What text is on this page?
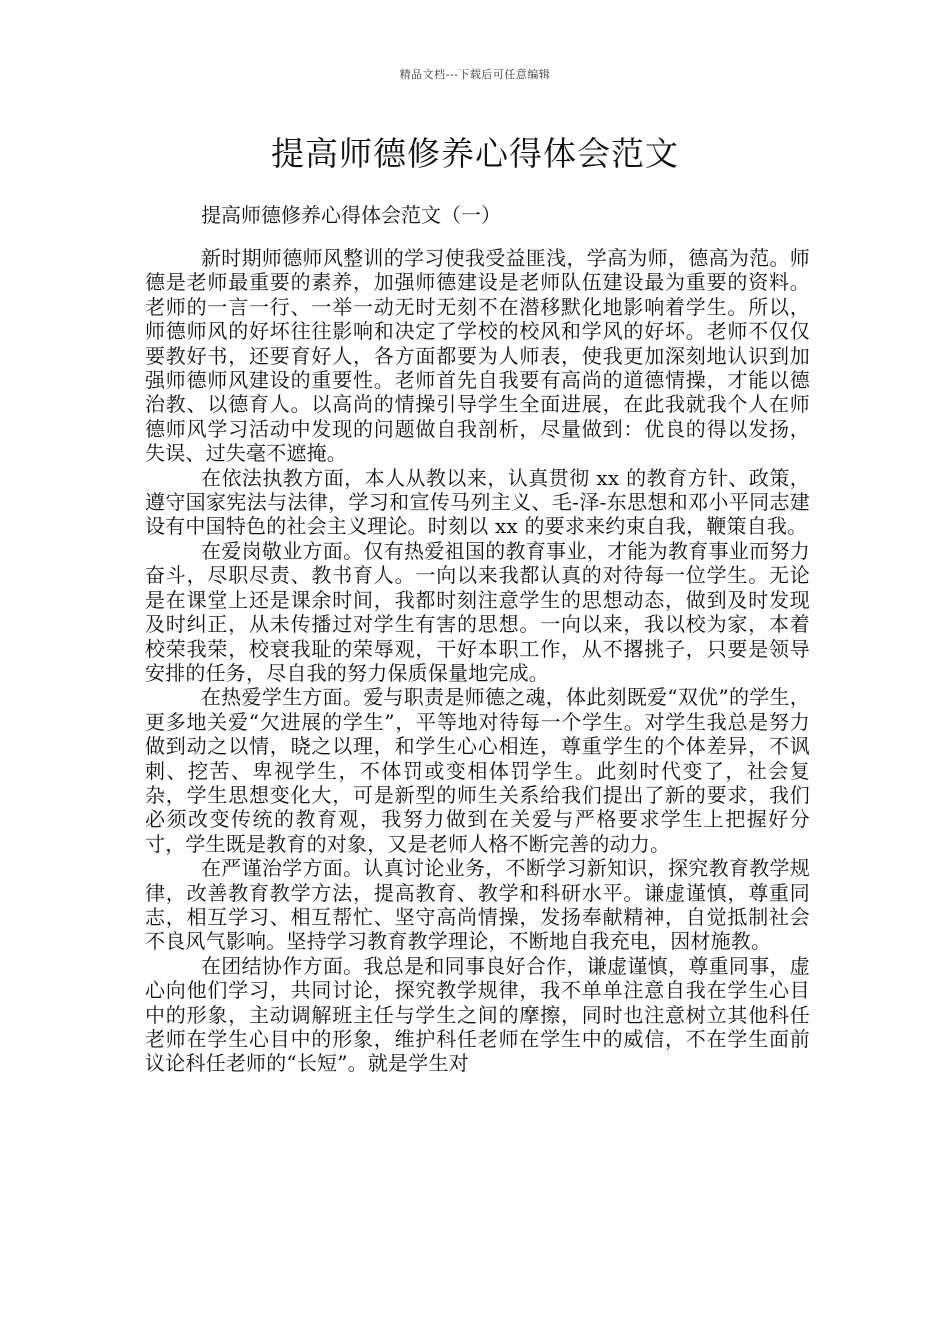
精品文档---下载后可任意编辑
提高师德修养心得体会范文
提高师德修养心得体会范文（一）

新时期师德师风整训的学习使我受益匪浅，学高为师，德高为范。师德是老师最重要的素养，加强师德建设是老师队伍建设最为重要的资料。老师的一言一行、一举一动无时无刻不在潜移默化地影响着学生。所以，师德师风的好坏往往影响和决定了学校的校风和学风的好坏。老师不仅仅要教好书，还要育好人，各方面都要为人师表，使我更加深刻地认识到加强师德师风建设的重要性。老师首先自我要有高尚的道德情操，才能以德治教、以德育人。以高尚的情操引导学生全面进展，在此我就我个人在师德师风学习活动中发现的问题做自我剖析，尽量做到：优良的得以发扬，失误、过失毫不遮掩。

在依法执教方面，本人从教以来，认真贯彻 xx 的教育方针、政策，遵守国家宪法与法律，学习和宣传马列主义、毛-泽-东思想和邓小平同志建设有中国特色的社会主义理论。时刻以 xx 的要求来约束自我，鞭策自我。

在爱岗敬业方面。仅有热爱祖国的教育事业，才能为教育事业而努力奋斗，尽职尽责、教书育人。一向以来我都认真的对待每一位学生。无论是在课堂上还是课余时间，我都时刻注意学生的思想动态，做到及时发现及时纠正，从未传播过对学生有害的思想。一向以来，我以校为家，本着校荣我荣，校衰我耻的荣辱观，干好本职工作，从不撂挑子，只要是领导安排的任务，尽自我的努力保质保量地完成。

在热爱学生方面。爱与职责是师德之魂，体此刻既爱“双优”的学生，更多地关爱“欠进展的学生”，平等地对待每一个学生。对学生我总是努力做到动之以情，晓之以理，和学生心心相连，尊重学生的个体差异，不讽刺、挖苦、卑视学生，不体罚或变相体罚学生。此刻时代变了，社会复杂，学生思想变化大，可是新型的师生关系给我们提出了新的要求，我们必须改变传统的教育观，我努力做到在关爱与严格要求学生上把握好分寸，学生既是教育的对象，又是老师人格不断完善的动力。

在严谨治学方面。认真讨论业务，不断学习新知识，探究教育教学规律，改善教育教学方法，提高教育、教学和科研水平。谦虚谨慎，尊重同志，相互学习、相互帮忙、坚守高尚情操，发扬奉献精神，自觉抵制社会不良风气影响。坚持学习教育教学理论，不断地自我充电，因材施教。

在团结协作方面。我总是和同事良好合作，谦虚谨慎，尊重同事，虚心向他们学习，共同讨论，探究教学规律，我不单单注意自我在学生心目中的形象，主动调解班主任与学生之间的摩擦，同时也注意树立其他科任老师在学生心目中的形象，维护科任老师在学生中的威信，不在学生面前议论科任老师的“长短”。就是学生对
